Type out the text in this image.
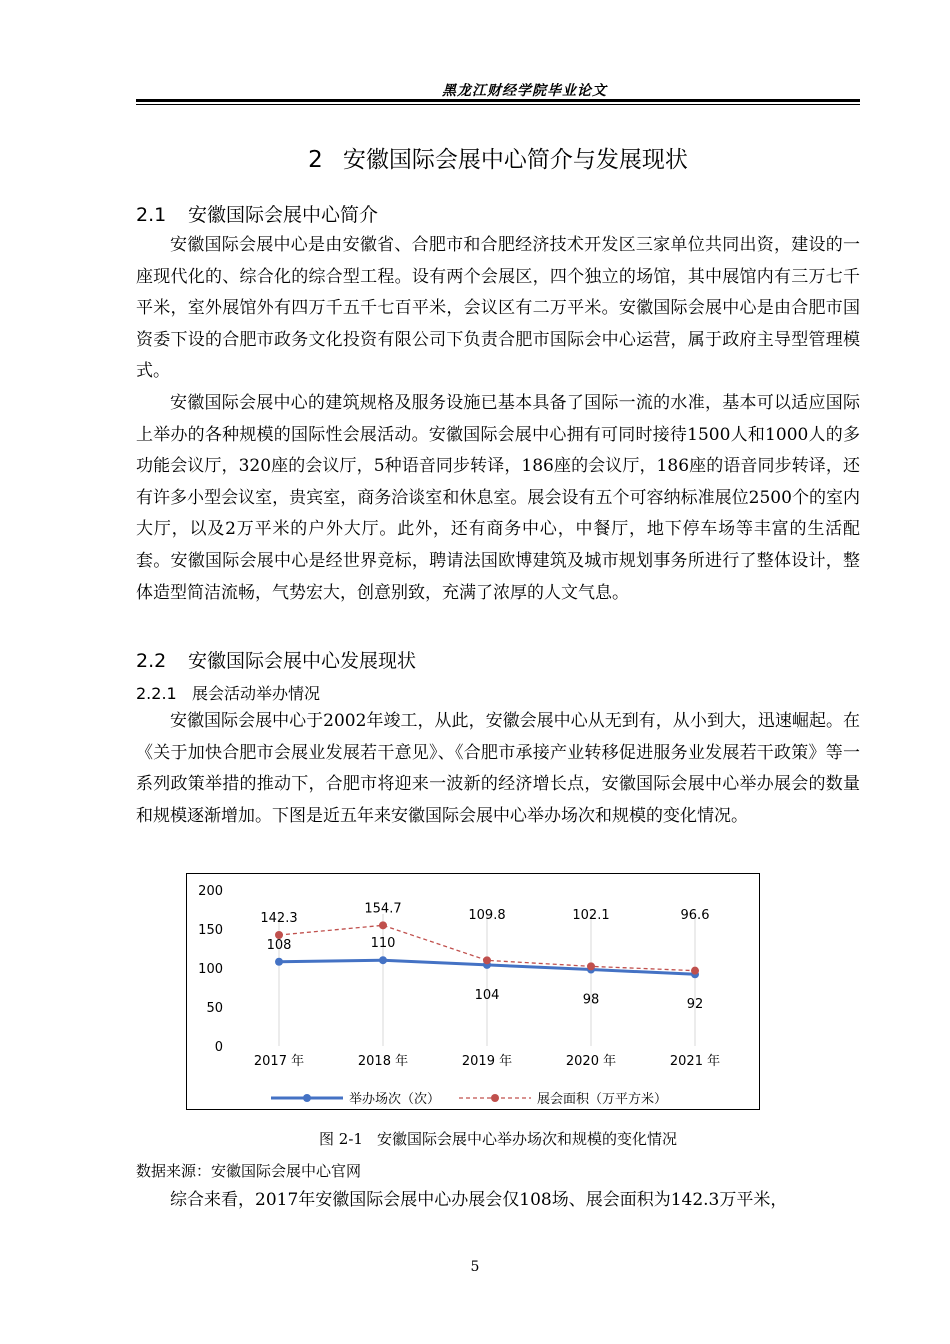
黑龙江财经学院毕业论文
2 安徽国际会展中心简介与发展现状
2.1 安徽国际会展中心简介

安徽国际会展中心是由安徽省、合肥市和合肥经济技术开发区三家单位共同出资，建设的一座现代化的、综合化的综合型工程。设有两个会展区，四个独立的场馆，其中展馆内有三万七千平米，室外展馆外有四万千五千七百平米，会议区有二万平米。安徽国际会展中心是由合肥市国资委下设的合肥市政务文化投资有限公司下负责合肥市国际会中心运营，属于政府主导型管理模式。

安徽国际会展中心的建筑规格及服务设施已基本具备了国际一流的水准，基本可以适应国际上举办的各种规模的国际性会展活动。安徽国际会展中心拥有可同时接待1500人和1000人的多功能会议厅，320座的会议厅，5种语音同步转译，186座的会议厅，186座的语音同步转译，还有许多小型会议室，贵宾室，商务洽谈室和休息室。展会设有五个可容纳标准展位2500个的室内大厅，以及2万平米的户外大厅。此外，还有商务中心，中餐厅，地下停车场等丰富的生活配套。安徽国际会展中心是经世界竞标，聘请法国欧博建筑及城市规划事务所进行了整体设计，整体造型简洁流畅，气势宏大，创意别致，充满了浓厚的人文气息。

2.2 安徽国际会展中心发展现状
2.2.1 展会活动举办情况

安徽国际会展中心于2002年竣工，从此，安徽会展中心从无到有，从小到大，迅速崛起。在《关于加快合肥市会展业发展若干意见》、《合肥市承接产业转移促进服务业发展若干政策》等一系列政策举措的推动下，合肥市将迎来一波新的经济增长点，安徽国际会展中心举办展会的数量和规模逐渐增加。下图是近五年来安徽国际会展中心举办场次和规模的变化情况。

0
50
100
150
200
2017 年	2018 年	2019 年	2020 年	2021 年
108	110
104	98	92
142.3
154.7	109.8	102.1	96.6
举办场次（次）	展会面积（万平方米）
图 2-1 安徽国际会展中心举办场次和规模的变化情况
数据来源：安徽国际会展中心官网

综合来看，2017年安徽国际会展中心办展会仅108场、展会面积为142.3万平米，

5
